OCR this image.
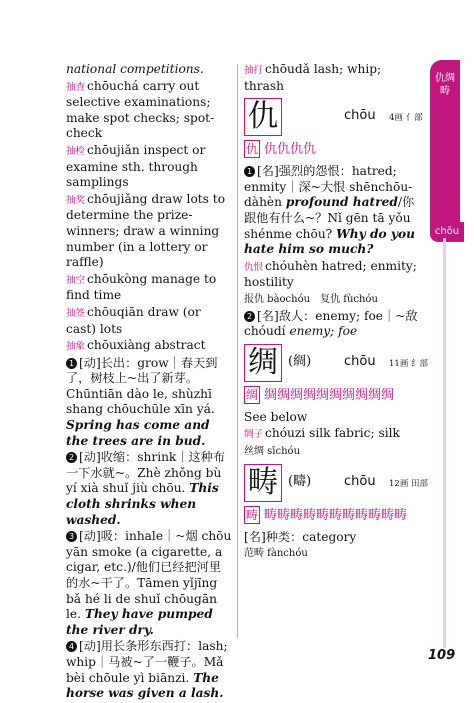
仇绸畴
chōu
national competitions.
抽查 chōuchá carry out selective examinations; make spot checks; spot-check
抽检 chōujiǎn inspect or examine sth. through samplings
抽奖 chōujiǎng draw lots to determine the prize-winners; draw a winning number (in a lottery or raffle)
抽空 chōukòng manage to find time
抽签 chōuqiān draw (or cast) lots
抽象 chōuxiàng abstract
1 [动]长出：grow｜春天到了，树枝上~出了新芽。Chūntiān dào le, shùzhī shang chōuchūle xīn yá. Spring has come and the trees are in bud.
2 [动]收缩：shrink｜这种布一下水就~。Zhè zhǒng bù yí xià shuǐ jiù chōu. This cloth shrinks when washed.
3 [动]吸：inhale｜~烟 chōu yān smoke (a cigarette, a cigar, etc.)/他们已经把河里的水~干了。Tāmen yǐjīng bǎ hé li de shuǐ chōugān le. They have pumped the river dry.
4 [动]用长条形东西打：lash; whip｜马被~了一鞭子。Mǎ bèi chōule yì biānzi. The horse was given a lash.
抽打 chōudǎ lash; whip; thrash
仇	chōu 4画 亻部
仇 仇仇仇仇
1 [名]强烈的怨恨：hatred; enmity｜深~大恨 shēnchōu-dàhèn profound hatred/你跟他有什么~？Nǐ gēn tā yǒu shénme chōu? Why do you hate him so much?
仇恨 chóuhèn hatred; enmity; hostility
报仇 bàochóu　复仇 fùchóu
2 [名]敌人：enemy; foe｜~敌 chóudí enemy; foe
绸 (綢)	chōu 11画 纟部
绸 绸绸绸绸绸绸绸绸绸绸
See below
绸子 chóuzi silk fabric; silk
丝绸 sīchóu
畴 (疇)	chōu 12画 田部
畴 畴畴畴畴畴畴畴畴畴畴畴
[名]种类：category
范畴 fànchóu
109
